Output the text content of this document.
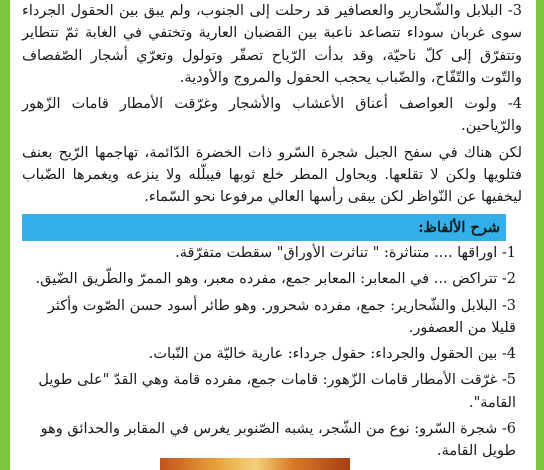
3- البلابل والشّحارير والعصافير قد رحلت إلى الجنوب، ولم يبق بين الحقول الجرداء سوى غربان سوداء تتصاعد ناعبة بين القضبان العارية وتختفي في الغابة ثمّ تتطاير وتتفرّق إلى كلّ ناحيّة، وقد بدأت الرّياح تصفّر وتولول وتعرّي أشجار الصّفصاف والتّوت والتّفّاح، والضّباب يحجب الحقول والمروج والأودية.

4- ولوت العواصف أعناق الأعشاب والأشجار وغرّقت الأمطار قامات الزّهور والرّياحين.

لكن هناك في سفح الجبل شجرة السّرو ذات الخضرة الدّائمة، تهاجمها الرّيح بعنف فتلويها ولكن لا تقلعها. ويحاول المطر خلع ثوبها فيبلّله ولا ينزعه ويغمرها الضّباب ليخفيها عن النّواظر لكن يبقى رأسها العالي مرفوعا نحو السّماء.

شرح الألفاظ:

1- اوراقها .... متناثرة: " تناثرت الأوراق" سقطت متفرّقة.

2- تتراكض ... في المعابر: المعابر جمع، مفرده معبر، وهو الممرّ والطّريق الضّيق.

3- البلابل والشّحارير: جمع، مفرده شحرور. وهو طائر أسود حسن الصّوت وأكثر قليلا من العصفور.

4- بين الحقول والجرداء: حقول جرداء: عارية خاليّة من النّبات.

5- غرّقت الأمطار قامات الزّهور: قامات جمع، مفرده قامة وهي القدّ "على طويل القامة".

6- شجرة السّرو: نوع من الشّجر، يشبه الصّنوبر يغرس في المقابر والحدائق وهو طويل القامة.
